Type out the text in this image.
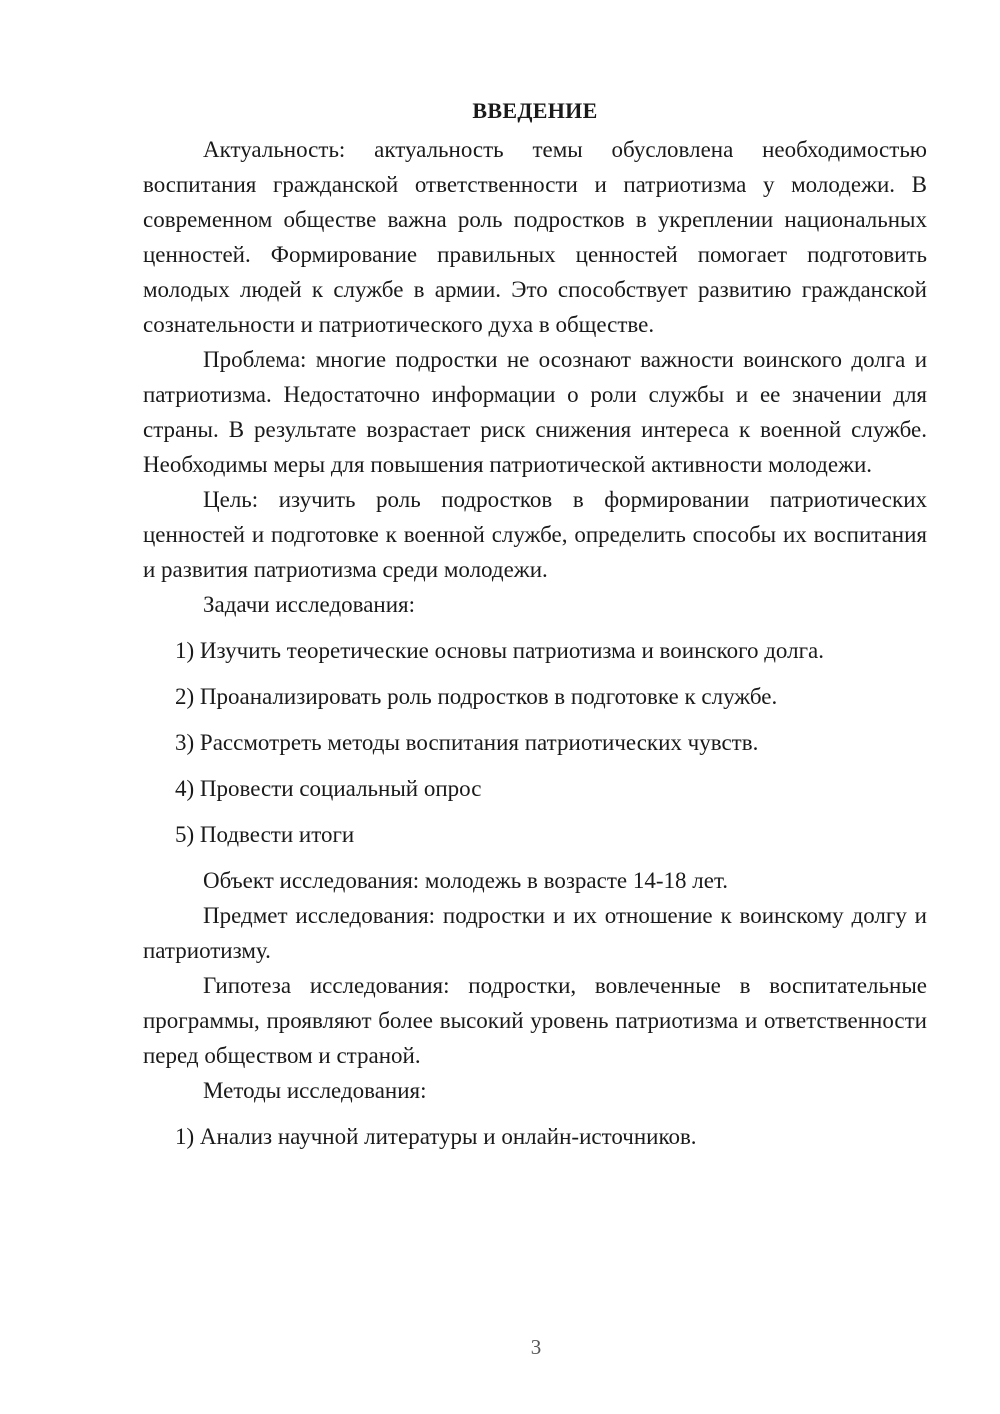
ВВЕДЕНИЕ

Актуальность: актуальность темы обусловлена необходимостью воспитания гражданской ответственности и патриотизма у молодежи. В современном обществе важна роль подростков в укреплении национальных ценностей. Формирование правильных ценностей помогает подготовить молодых людей к службе в армии. Это способствует развитию гражданской сознательности и патриотического духа в обществе.

Проблема: многие подростки не осознают важности воинского долга и патриотизма. Недостаточно информации о роли службы и ее значении для страны. В результате возрастает риск снижения интереса к военной службе. Необходимы меры для повышения патриотической активности молодежи.

Цель: изучить роль подростков в формировании патриотических ценностей и подготовке к военной службе, определить способы их воспитания и развития патриотизма среди молодежи.

Задачи исследования:

1) Изучить теоретические основы патриотизма и воинского долга.

2) Проанализировать роль подростков в подготовке к службе.

3) Рассмотреть методы воспитания патриотических чувств.

4) Провести социальный опрос

5) Подвести итоги

Объект исследования: молодежь в возрасте 14-18 лет.

Предмет исследования: подростки и их отношение к воинскому долгу и патриотизму.

Гипотеза исследования: подростки, вовлеченные в воспитательные программы, проявляют более высокий уровень патриотизма и ответственности перед обществом и страной.

Методы исследования:

1) Анализ научной литературы и онлайн-источников.

3
